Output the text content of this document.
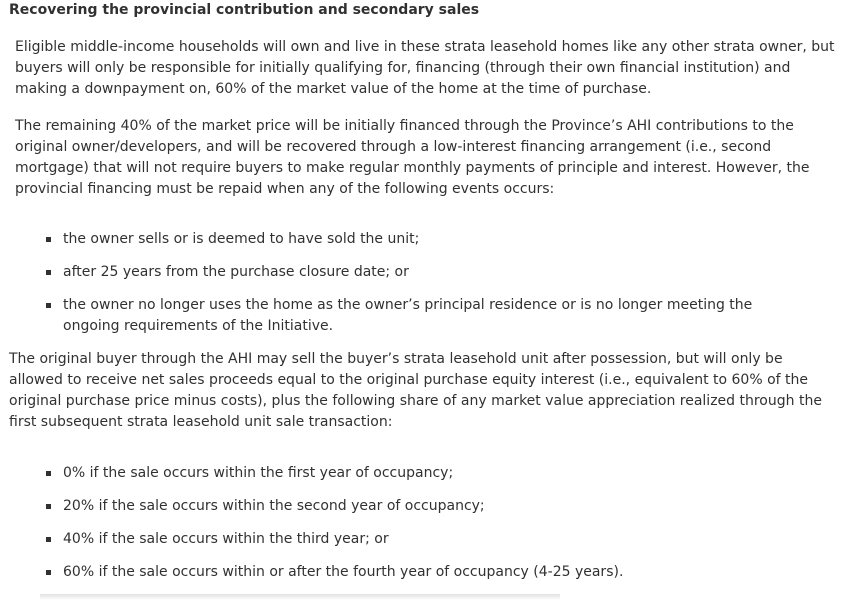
Recovering the provincial contribution and secondary sales

Eligible middle-income households will own and live in these strata leasehold homes like any other strata owner, but buyers will only be responsible for initially qualifying for, financing (through their own financial institution) and making a downpayment on, 60% of the market value of the home at the time of purchase.

The remaining 40% of the market price will be initially financed through the Province’s AHI contributions to the original owner/developers, and will be recovered through a low-interest financing arrangement (i.e., second mortgage) that will not require buyers to make regular monthly payments of principle and interest. However, the provincial financing must be repaid when any of the following events occurs:

the owner sells or is deemed to have sold the unit;
after 25 years from the purchase closure date; or
the owner no longer uses the home as the owner’s principal residence or is no longer meeting the ongoing requirements of the Initiative.

The original buyer through the AHI may sell the buyer’s strata leasehold unit after possession, but will only be allowed to receive net sales proceeds equal to the original purchase equity interest (i.e., equivalent to 60% of the original purchase price minus costs), plus the following share of any market value appreciation realized through the first subsequent strata leasehold unit sale transaction:

0% if the sale occurs within the first year of occupancy;
20% if the sale occurs within the second year of occupancy;
40% if the sale occurs within the third year; or
60% if the sale occurs within or after the fourth year of occupancy (4-25 years).
